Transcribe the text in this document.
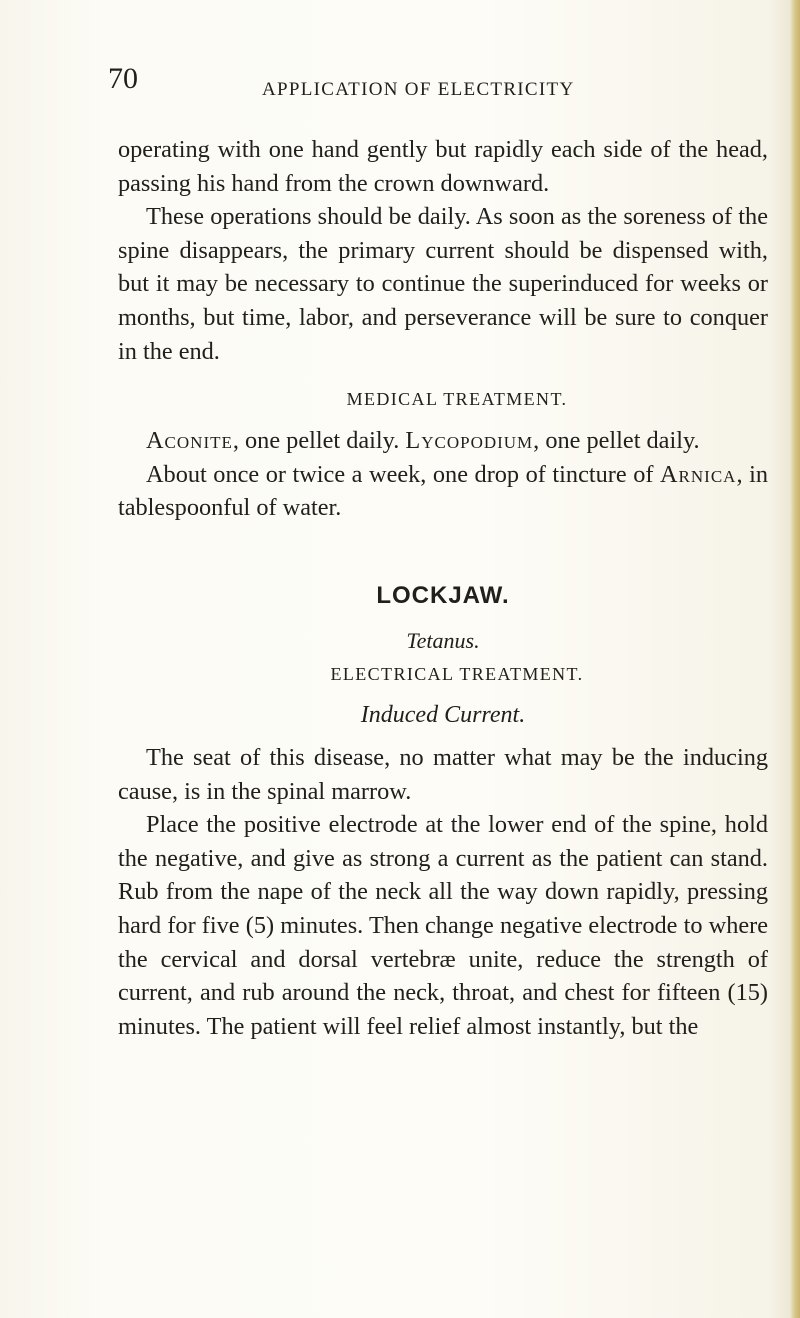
70	APPLICATION OF ELECTRICITY

operating with one hand gently but rapidly each side of the head, passing his hand from the crown downward.

These operations should be daily. As soon as the soreness of the spine disappears, the primary current should be dispensed with, but it may be necessary to continue the superinduced for weeks or months, but time, labor, and perseverance will be sure to conquer in the end.

MEDICAL TREATMENT.

Aconite, one pellet daily. Lycopodium, one pellet daily.

About once or twice a week, one drop of tincture of Arnica, in tablespoonful of water.

LOCKJAW.

Tetanus.

ELECTRICAL TREATMENT.

Induced Current.

The seat of this disease, no matter what may be the inducing cause, is in the spinal marrow.

Place the positive electrode at the lower end of the spine, hold the negative, and give as strong a current as the patient can stand. Rub from the nape of the neck all the way down rapidly, pressing hard for five (5) minutes. Then change negative electrode to where the cervical and dorsal vertebræ unite, reduce the strength of current, and rub around the neck, throat, and chest for fifteen (15) minutes. The patient will feel relief almost instantly, but the
